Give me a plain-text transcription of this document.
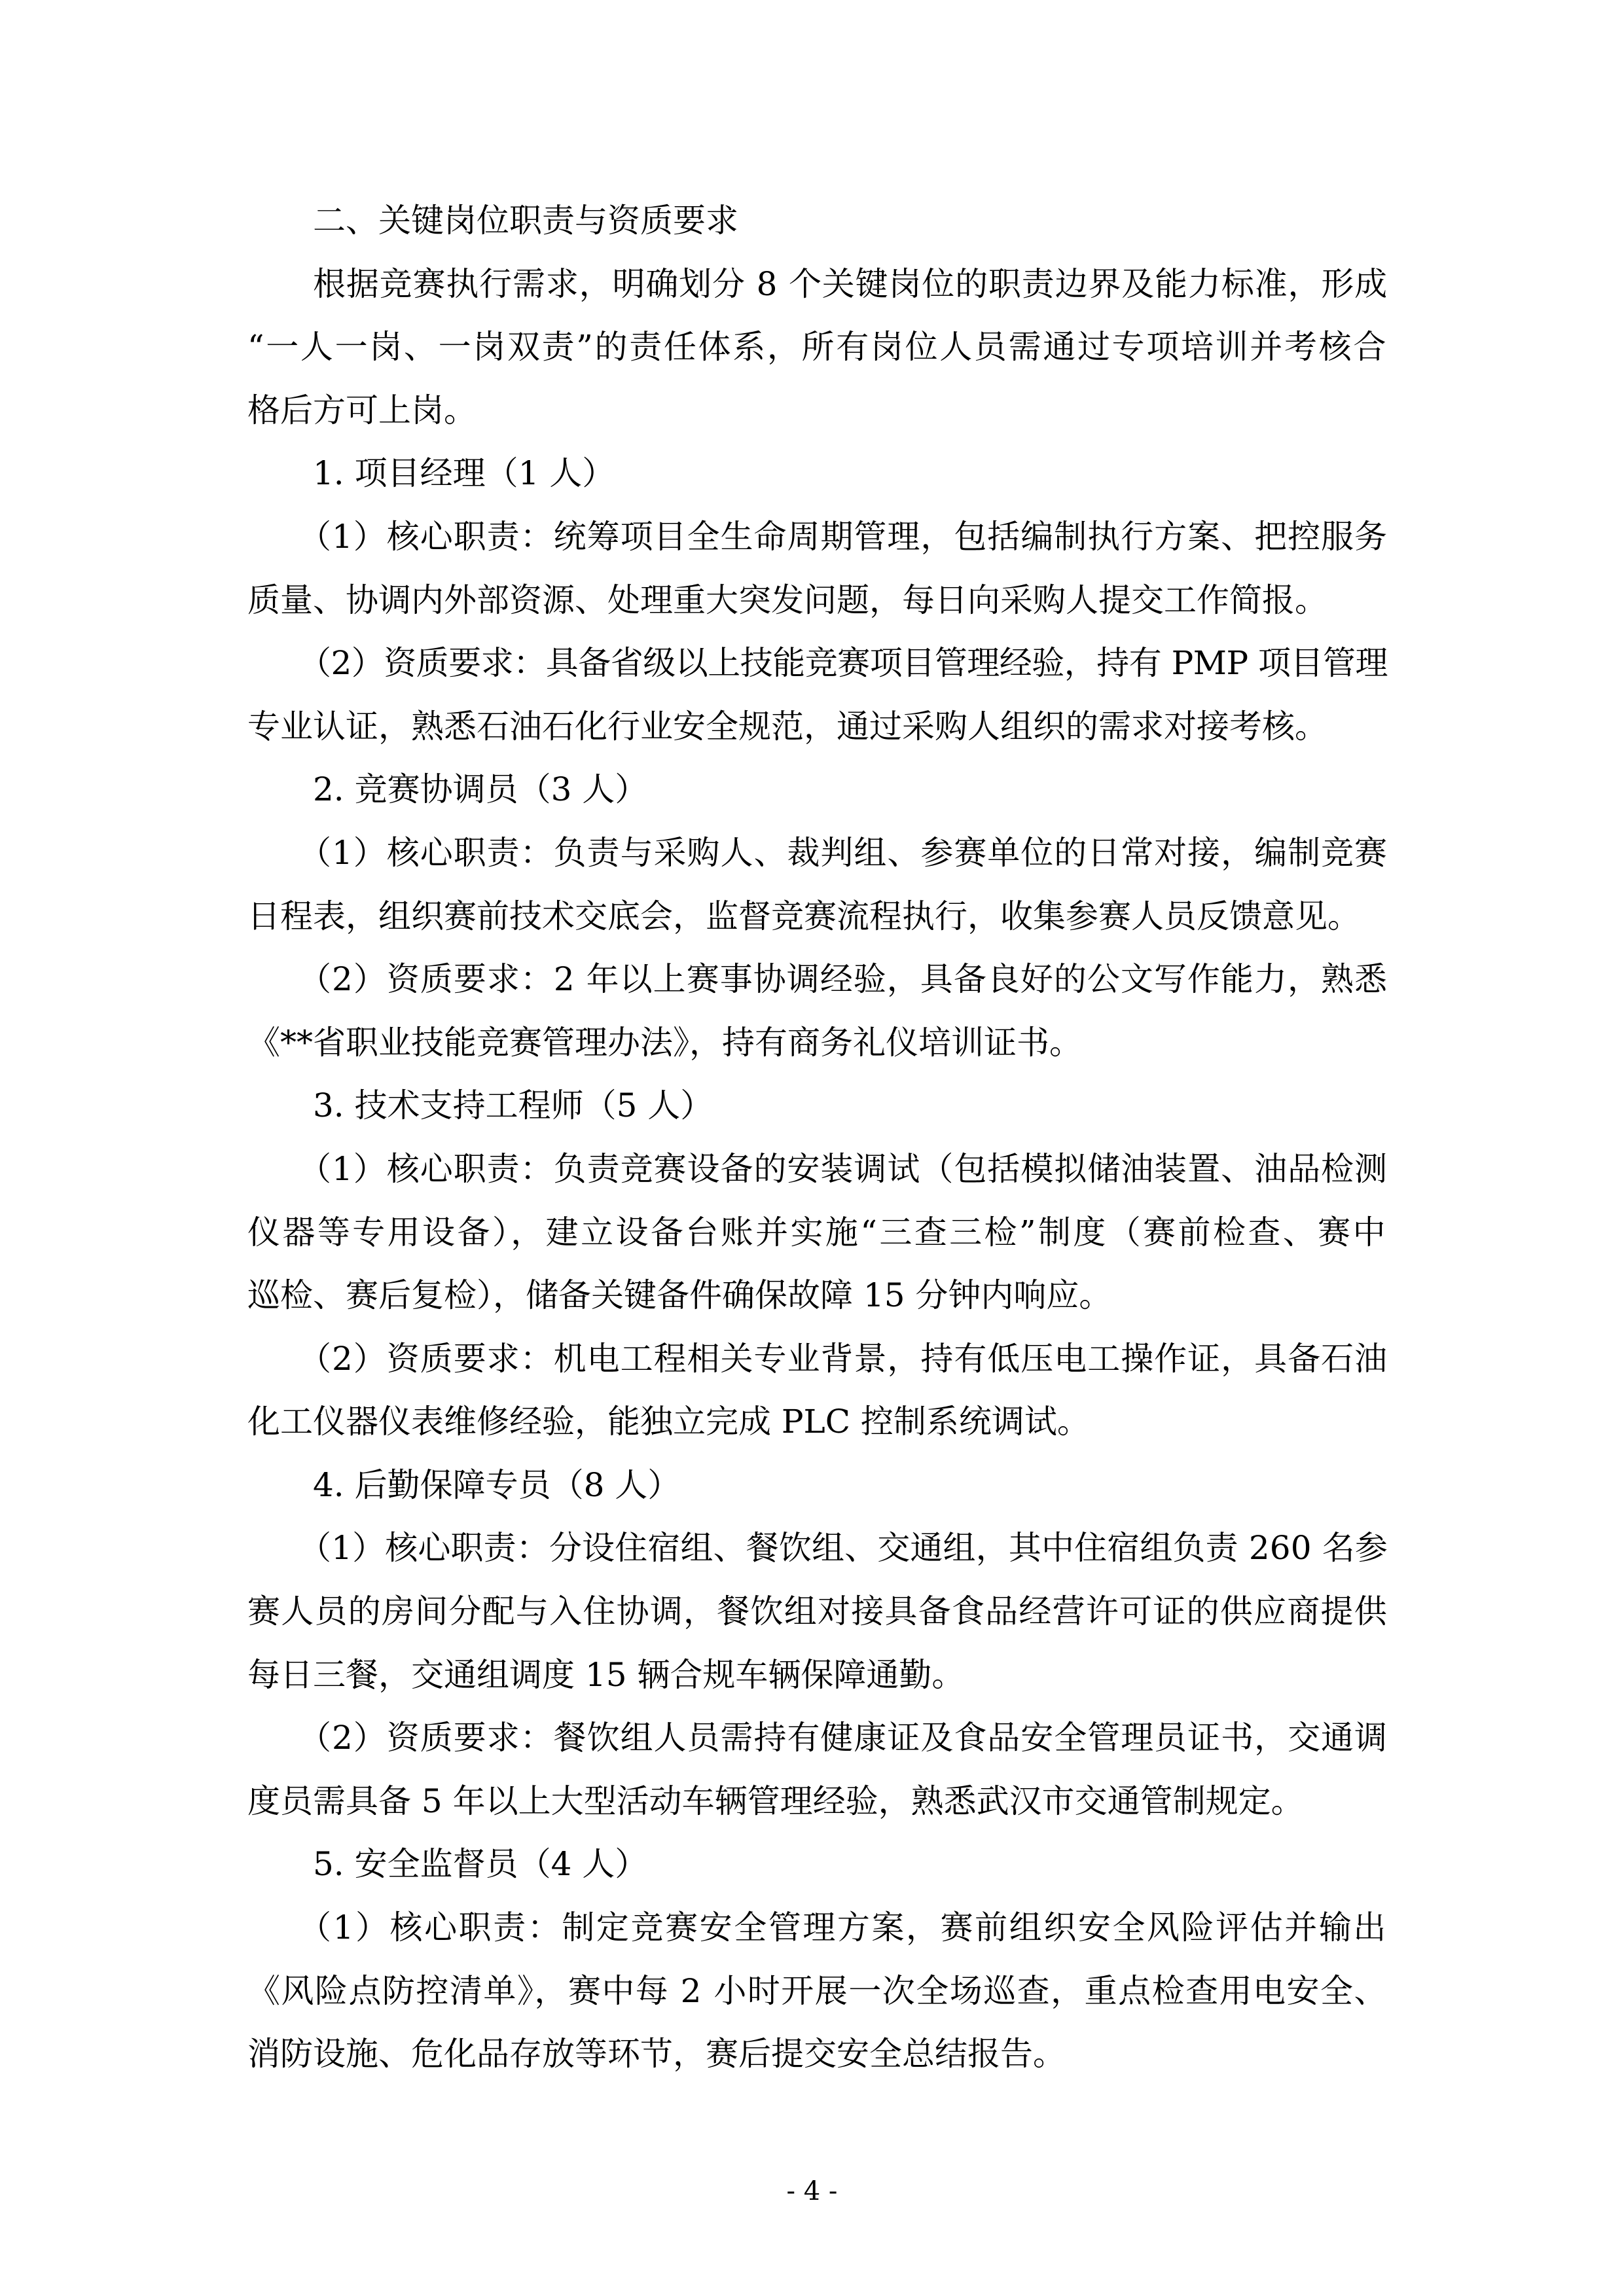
二、关键岗位职责与资质要求
根据竞赛执行需求，明确划分 8 个关键岗位的职责边界及能力标准，形成
“一人一岗、一岗双责”的责任体系，所有岗位人员需通过专项培训并考核合
格后方可上岗。
1. 项目经理（1 人）
（1）核心职责：统筹项目全生命周期管理，包括编制执行方案、把控服务
质量、协调内外部资源、处理重大突发问题，每日向采购人提交工作简报。
（2）资质要求：具备省级以上技能竞赛项目管理经验，持有 PMP 项目管理
专业认证，熟悉石油石化行业安全规范，通过采购人组织的需求对接考核。
2. 竞赛协调员（3 人）
（1）核心职责：负责与采购人、裁判组、参赛单位的日常对接，编制竞赛
日程表，组织赛前技术交底会，监督竞赛流程执行，收集参赛人员反馈意见。
（2）资质要求：2 年以上赛事协调经验，具备良好的公文写作能力，熟悉
《**省职业技能竞赛管理办法》，持有商务礼仪培训证书。
3. 技术支持工程师（5 人）
（1）核心职责：负责竞赛设备的安装调试（包括模拟储油装置、油品检测
仪器等专用设备），建立设备台账并实施“三查三检”制度（赛前检查、赛中
巡检、赛后复检），储备关键备件确保故障 15 分钟内响应。
（2）资质要求：机电工程相关专业背景，持有低压电工操作证，具备石油
化工仪器仪表维修经验，能独立完成 PLC 控制系统调试。
4. 后勤保障专员（8 人）
（1）核心职责：分设住宿组、餐饮组、交通组，其中住宿组负责 260 名参
赛人员的房间分配与入住协调，餐饮组对接具备食品经营许可证的供应商提供
每日三餐，交通组调度 15 辆合规车辆保障通勤。
（2）资质要求：餐饮组人员需持有健康证及食品安全管理员证书，交通调
度员需具备 5 年以上大型活动车辆管理经验，熟悉武汉市交通管制规定。
5. 安全监督员（4 人）
（1）核心职责：制定竞赛安全管理方案，赛前组织安全风险评估并输出
《风险点防控清单》，赛中每 2 小时开展一次全场巡查，重点检查用电安全、
消防设施、危化品存放等环节，赛后提交安全总结报告。
- 4 -
